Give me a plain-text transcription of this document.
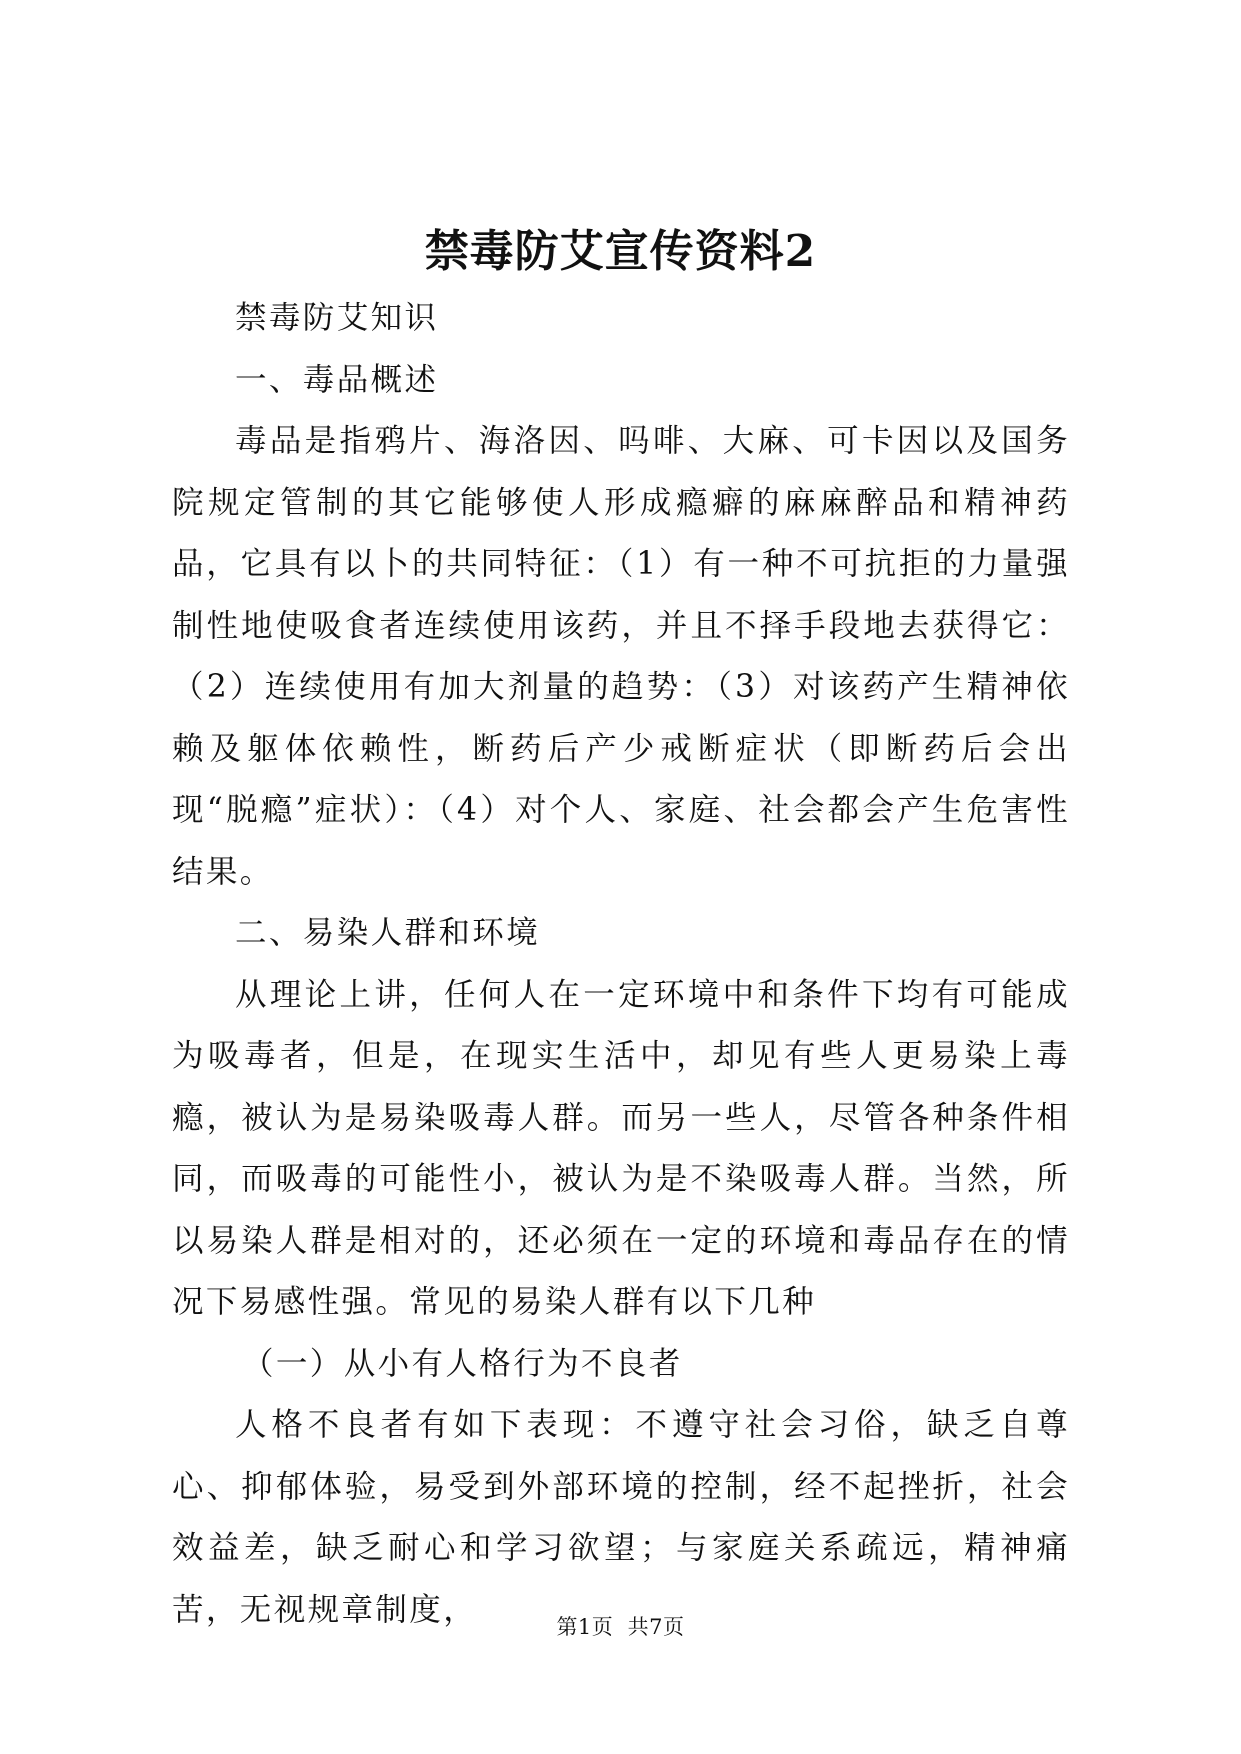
禁毒防艾宣传资料2

禁毒防艾知识

一、毒品概述

毒品是指鸦片、海洛因、吗啡、大麻、可卡因以及国务院规定管制的其它能够使人形成瘾癖的麻麻醉品和精神药品，它具有以卜的共同特征：（1）有一种不可抗拒的力量强制性地使吸食者连续使用该药，并且不择手段地去获得它：（2）连续使用有加大剂量的趋势：（3）对该药产生精神依赖及躯体依赖性，断药后产少戒断症状（即断药后会出现“脱瘾”症状）：（4）对个人、家庭、社会都会产生危害性结果。

二、易染人群和环境

从理论上讲，任何人在一定环境中和条件下均有可能成为吸毒者，但是，在现实生活中，却见有些人更易染上毒瘾，被认为是易染吸毒人群。而另一些人，尽管各种条件相同，而吸毒的可能性小，被认为是不染吸毒人群。当然，所以易染人群是相对的，还必须在一定的环境和毒品存在的情况下易感性强。常见的易染人群有以下几种

（一）从小有人格行为不良者

人格不良者有如下表现：不遵守社会习俗，缺乏自尊心、抑郁体验，易受到外部环境的控制，经不起挫折，社会效益差，缺乏耐心和学习欲望；与家庭关系疏远，精神痛苦，无视规章制度，	第1页 共7页
